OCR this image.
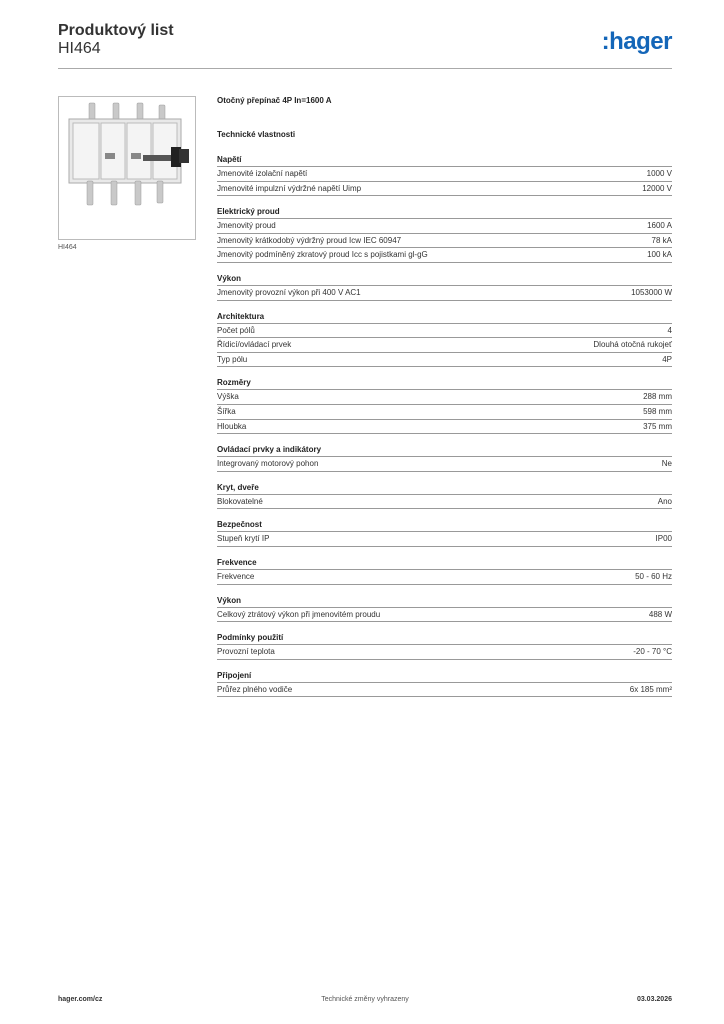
Produktový list
HI464	:hager
HI464
Otočný přepínač 4P In=1600 A
Technické vlastnosti
Napětí
Jmenovité izolační napětí	1000 V
Jmenovité impulzní výdržné napětí Uimp	12000 V
Elektrický proud
Jmenovitý proud	1600 A
Jmenovitý krátkodobý výdržný proud Icw IEC 60947	78 kA
Jmenovitý podmíněný zkratový proud Icc s pojistkami gl-gG	100 kA
Výkon
Jmenovitý provozní výkon při 400 V AC1	1053000 W
Architektura
Počet pólů	4
Řídicí/ovládací prvek	Dlouhá otočná rukojeť
Typ pólu	4P
Rozměry
Výška	288 mm
Šířka	598 mm
Hloubka	375 mm
Ovládací prvky a indikátory
Integrovaný motorový pohon	Ne
Kryt, dveře
Blokovatelné	Ano
Bezpečnost
Stupeň krytí IP	IP00
Frekvence
Frekvence	50 - 60 Hz
Výkon
Celkový ztrátový výkon při jmenovitém proudu	488 W
Podmínky použití
Provozní teplota	-20 - 70 °C
Připojení
Průřez plného vodiče	6x 185 mm²
hager.com/cz	Technické změny vyhrazeny	03.03.2026
